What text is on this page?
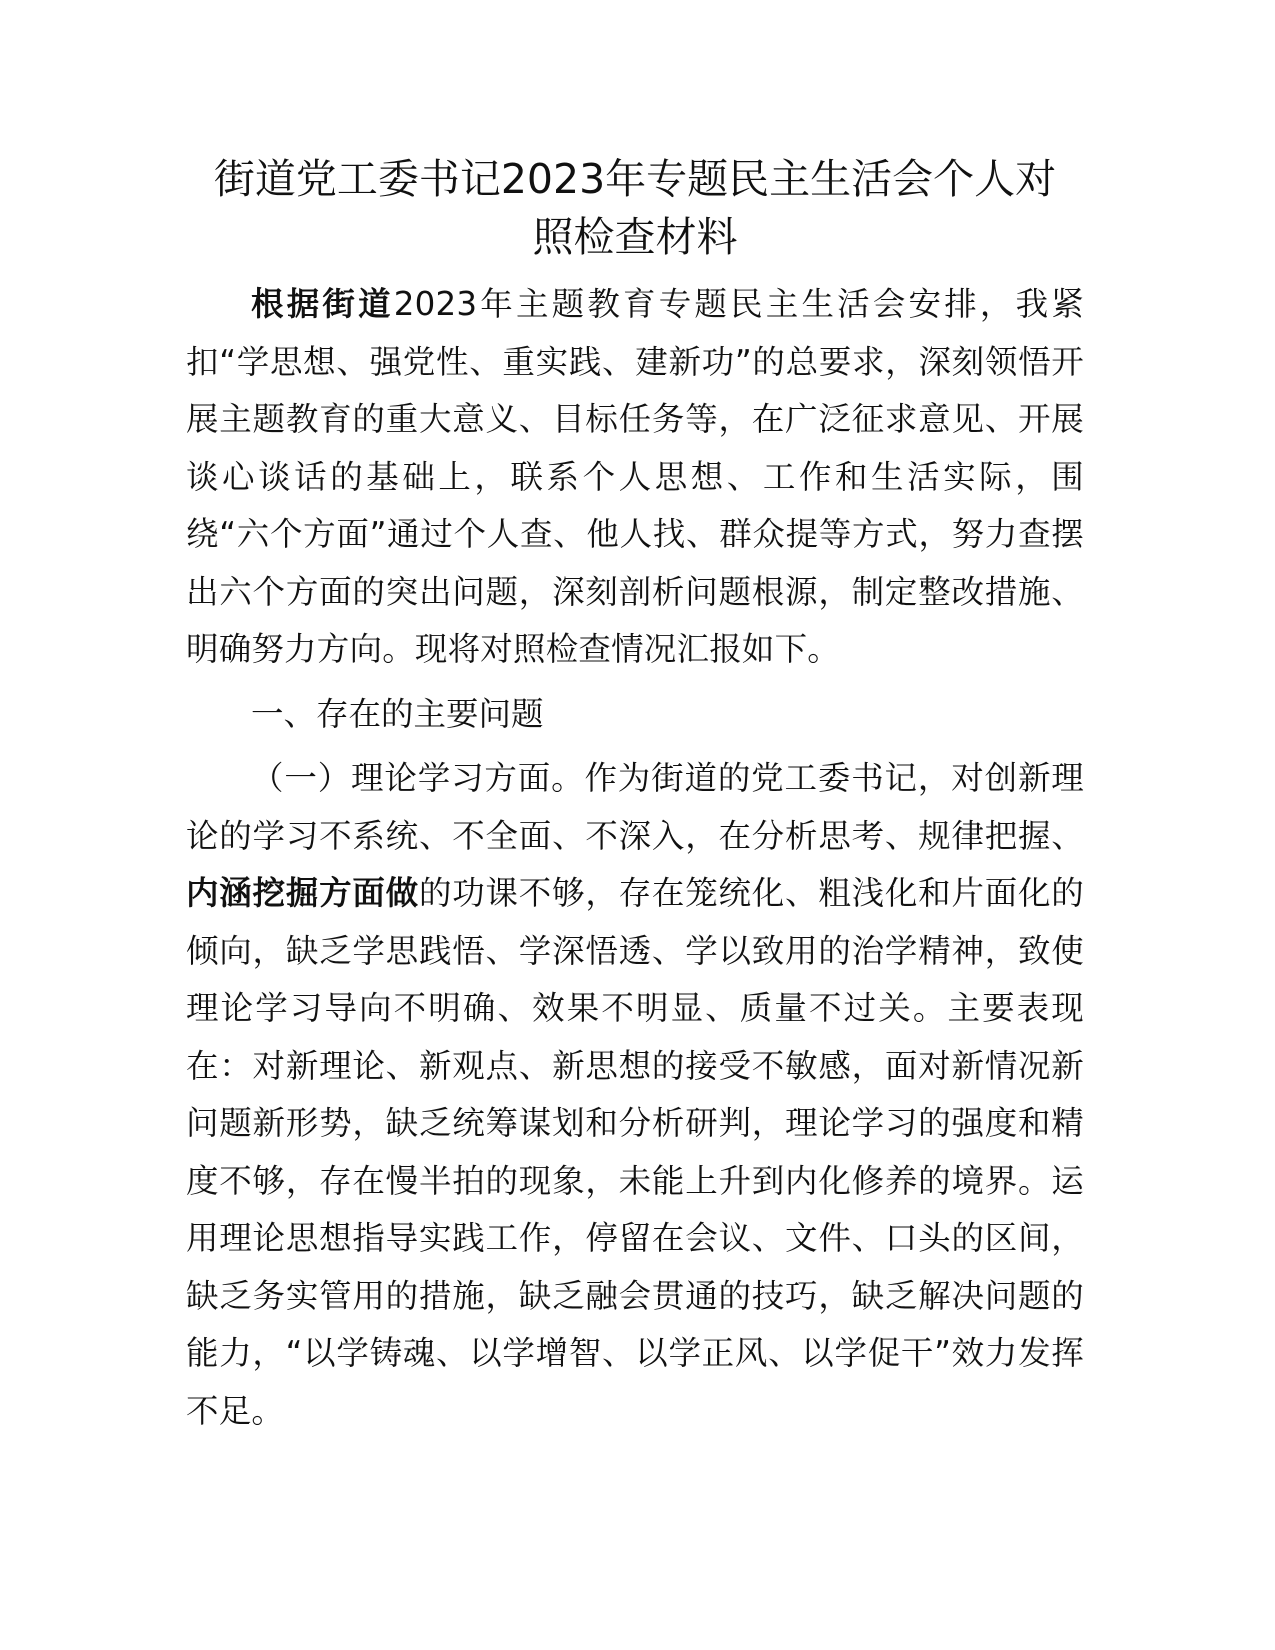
街道党工委书记2023年专题民主生活会个人对
照检查材料

根据街道2023年主题教育专题民主生活会安排，我紧扣“学思想、强党性、重实践、建新功”的总要求，深刻领悟开展主题教育的重大意义、目标任务等，在广泛征求意见、开展谈心谈话的基础上，联系个人思想、工作和生活实际，围绕“六个方面”通过个人查、他人找、群众提等方式，努力查摆出六个方面的突出问题，深刻剖析问题根源，制定整改措施、明确努力方向。现将对照检查情况汇报如下。

一、存在的主要问题

（一）理论学习方面。作为街道的党工委书记，对创新理论的学习不系统、不全面、不深入，在分析思考、规律把握、内涵挖掘方面做的功课不够，存在笼统化、粗浅化和片面化的倾向，缺乏学思践悟、学深悟透、学以致用的治学精神，致使理论学习导向不明确、效果不明显、质量不过关。主要表现在：对新理论、新观点、新思想的接受不敏感，面对新情况新问题新形势，缺乏统筹谋划和分析研判，理论学习的强度和精度不够，存在慢半拍的现象，未能上升到内化修养的境界。运用理论思想指导实践工作，停留在会议、文件、口头的区间，缺乏务实管用的措施，缺乏融会贯通的技巧，缺乏解决问题的能力，“以学铸魂、以学增智、以学正风、以学促干”效力发挥不足。
